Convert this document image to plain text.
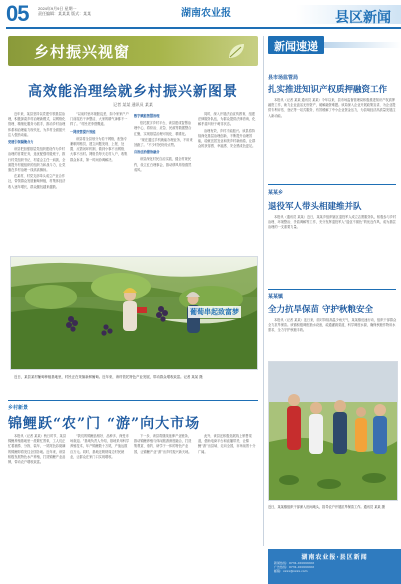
05 2024年9月9日 星期一
责任编辑：某某某 版式：某某	湖南农业报	县区新闻
乡村振兴视窗
高效能治理绘就乡村振兴新图景
记者 某某 通讯员 某某

近年来，某县坚持以党建引领基层治理，积极探索乡村治理新模式，以网格化管理、精细化服务为抓手，推动乡村治理体系和治理能力现代化，为乡村全面振兴注入强劲动能。

党建引领凝聚合力

该县把加强基层党组织建设作为乡村治理的首要任务，选优配强村级班子，推行村党组织书记、村委会主任一肩挑，全面提升村级组织的组织力和战斗力，让党旗在乡村治理一线高高飘扬。

在某村，村党支部牵头成立产业合作社，带领群众发展葡萄种植，村集体经济收入逐年增长，群众腰包越来越鼓。

“以前村里环境脏乱差，如今家家户户门前屋后干净整洁，大家的精气神都不一样了。”村民老李感慨道。

一网统管提升效能

该县将全县划分为若干网格，配备专兼职网格员，建立问题发现、上报、处置、反馈闭环机制，做到小事不出网格、大事不出村。网格员每天走村入户，收集群众诉求，第一时间协调解决。

数字赋能智慧治理

依托数字乡村平台，该县建成智慧治理中心，将综治、应急、民政等数据整合汇聚，实现基层治理可视化、精准化。

“现在通过手机就能办理业务，不用来回跑了。”不少村民纷纷点赞。

自治法治德治融合

该县深化村民自治实践，健全村规民约，设立红白理事会，推动移风易俗蔚然成风。

同时，深入开展法治宣传教育，组建法律服务队伍，为群众提供法律咨询，化解矛盾纠纷于萌芽状态。

治理有效，乡村才能振兴。该县将持续深化基层治理创新，不断提升治理效能，绘就宜居宜业和美乡村新画卷，让群众的获得感、幸福感、安全感成色更足。

葡萄串起致富梦
近日，某县某村葡萄种植基地里，村民正在采摘新鲜葡萄。近年来，该村依托特色产业发展，带动群众增收致富。记者 某某 摄
乡村新景
锦鲤跃“农”门 “游”向大市场

本报讯（记者 某某）秋日时节，某县锦鲤养殖基地里一派繁忙景象，工人们正忙着捕捞、分拣、装车，一尾尾色彩斑斓的锦鲤即将发往全国各地。近年来，该县积极发展特色水产养殖，打造锦鲤产业品牌，带动农户增收致富。

“我们的锦鲤品相好、品种多，深受市场欢迎。”基地负责人介绍，基地采用科学养殖技术，年产锦鲤数十万尾，产值达数百万元。同时，基地还吸纳周边村民就业，让群众在家门口实现增收。

下一步，该县将继续延伸产业链条，推动锦鲤养殖与休闲旅游深度融合，打造集观赏、垂钓、研学于一体的特色产业园，让锦鲤产业“游”出乡村振兴新天地。

此外，该县还积极拓展线上销售渠道，借助电商平台和直播带货，让锦鲤“游”出县域、走向全国，市场前景十分广阔。

新闻速递
县市场监管局
扎实推进知识产权质押融资工作

本报讯（记者 某某 通讯员 某某）今年以来，县市场监督管理局积极推进知识产权质押融资工作，助力企业盘活无形资产，破解融资难题。该局深入企业开展政策宣讲，为企业提供专利评估、登记等一站式服务，有效缓解了中小企业资金压力，为县域经济高质量发展注入新动能。

某某乡
退役军人带头相建维并队

本报讯（通讯员 某某）近日，某某乡组织辖区退役军人成立志愿服务队，积极参与乡村治理、环境整治、矛盾调解等工作，充分发挥退役军人“退伍不褪色”的优良作风，成为基层治理的一支重要力量。

某某镇
全力抗旱保苗 守护秋粮安全

本报讯（记者 某某）连日来，面对持续高温少雨天气，某某镇迅速行动，组织干部群众全力抗旱保苗。该镇积极调配抽水设备，疏通灌溉渠道，科学调度水源，确保秋粮作物用水需求，全力守护秋粮丰收。

近日，某某镇组织干部深入田间地头，指导农户开展抗旱保苗工作。通讯员 某某 摄
湖南农业报·县区新闻
新闻热线：0731-XXXXXXXX
广告热线：0731-XXXXXXXX
邮箱：xxxx@xxxx.com
